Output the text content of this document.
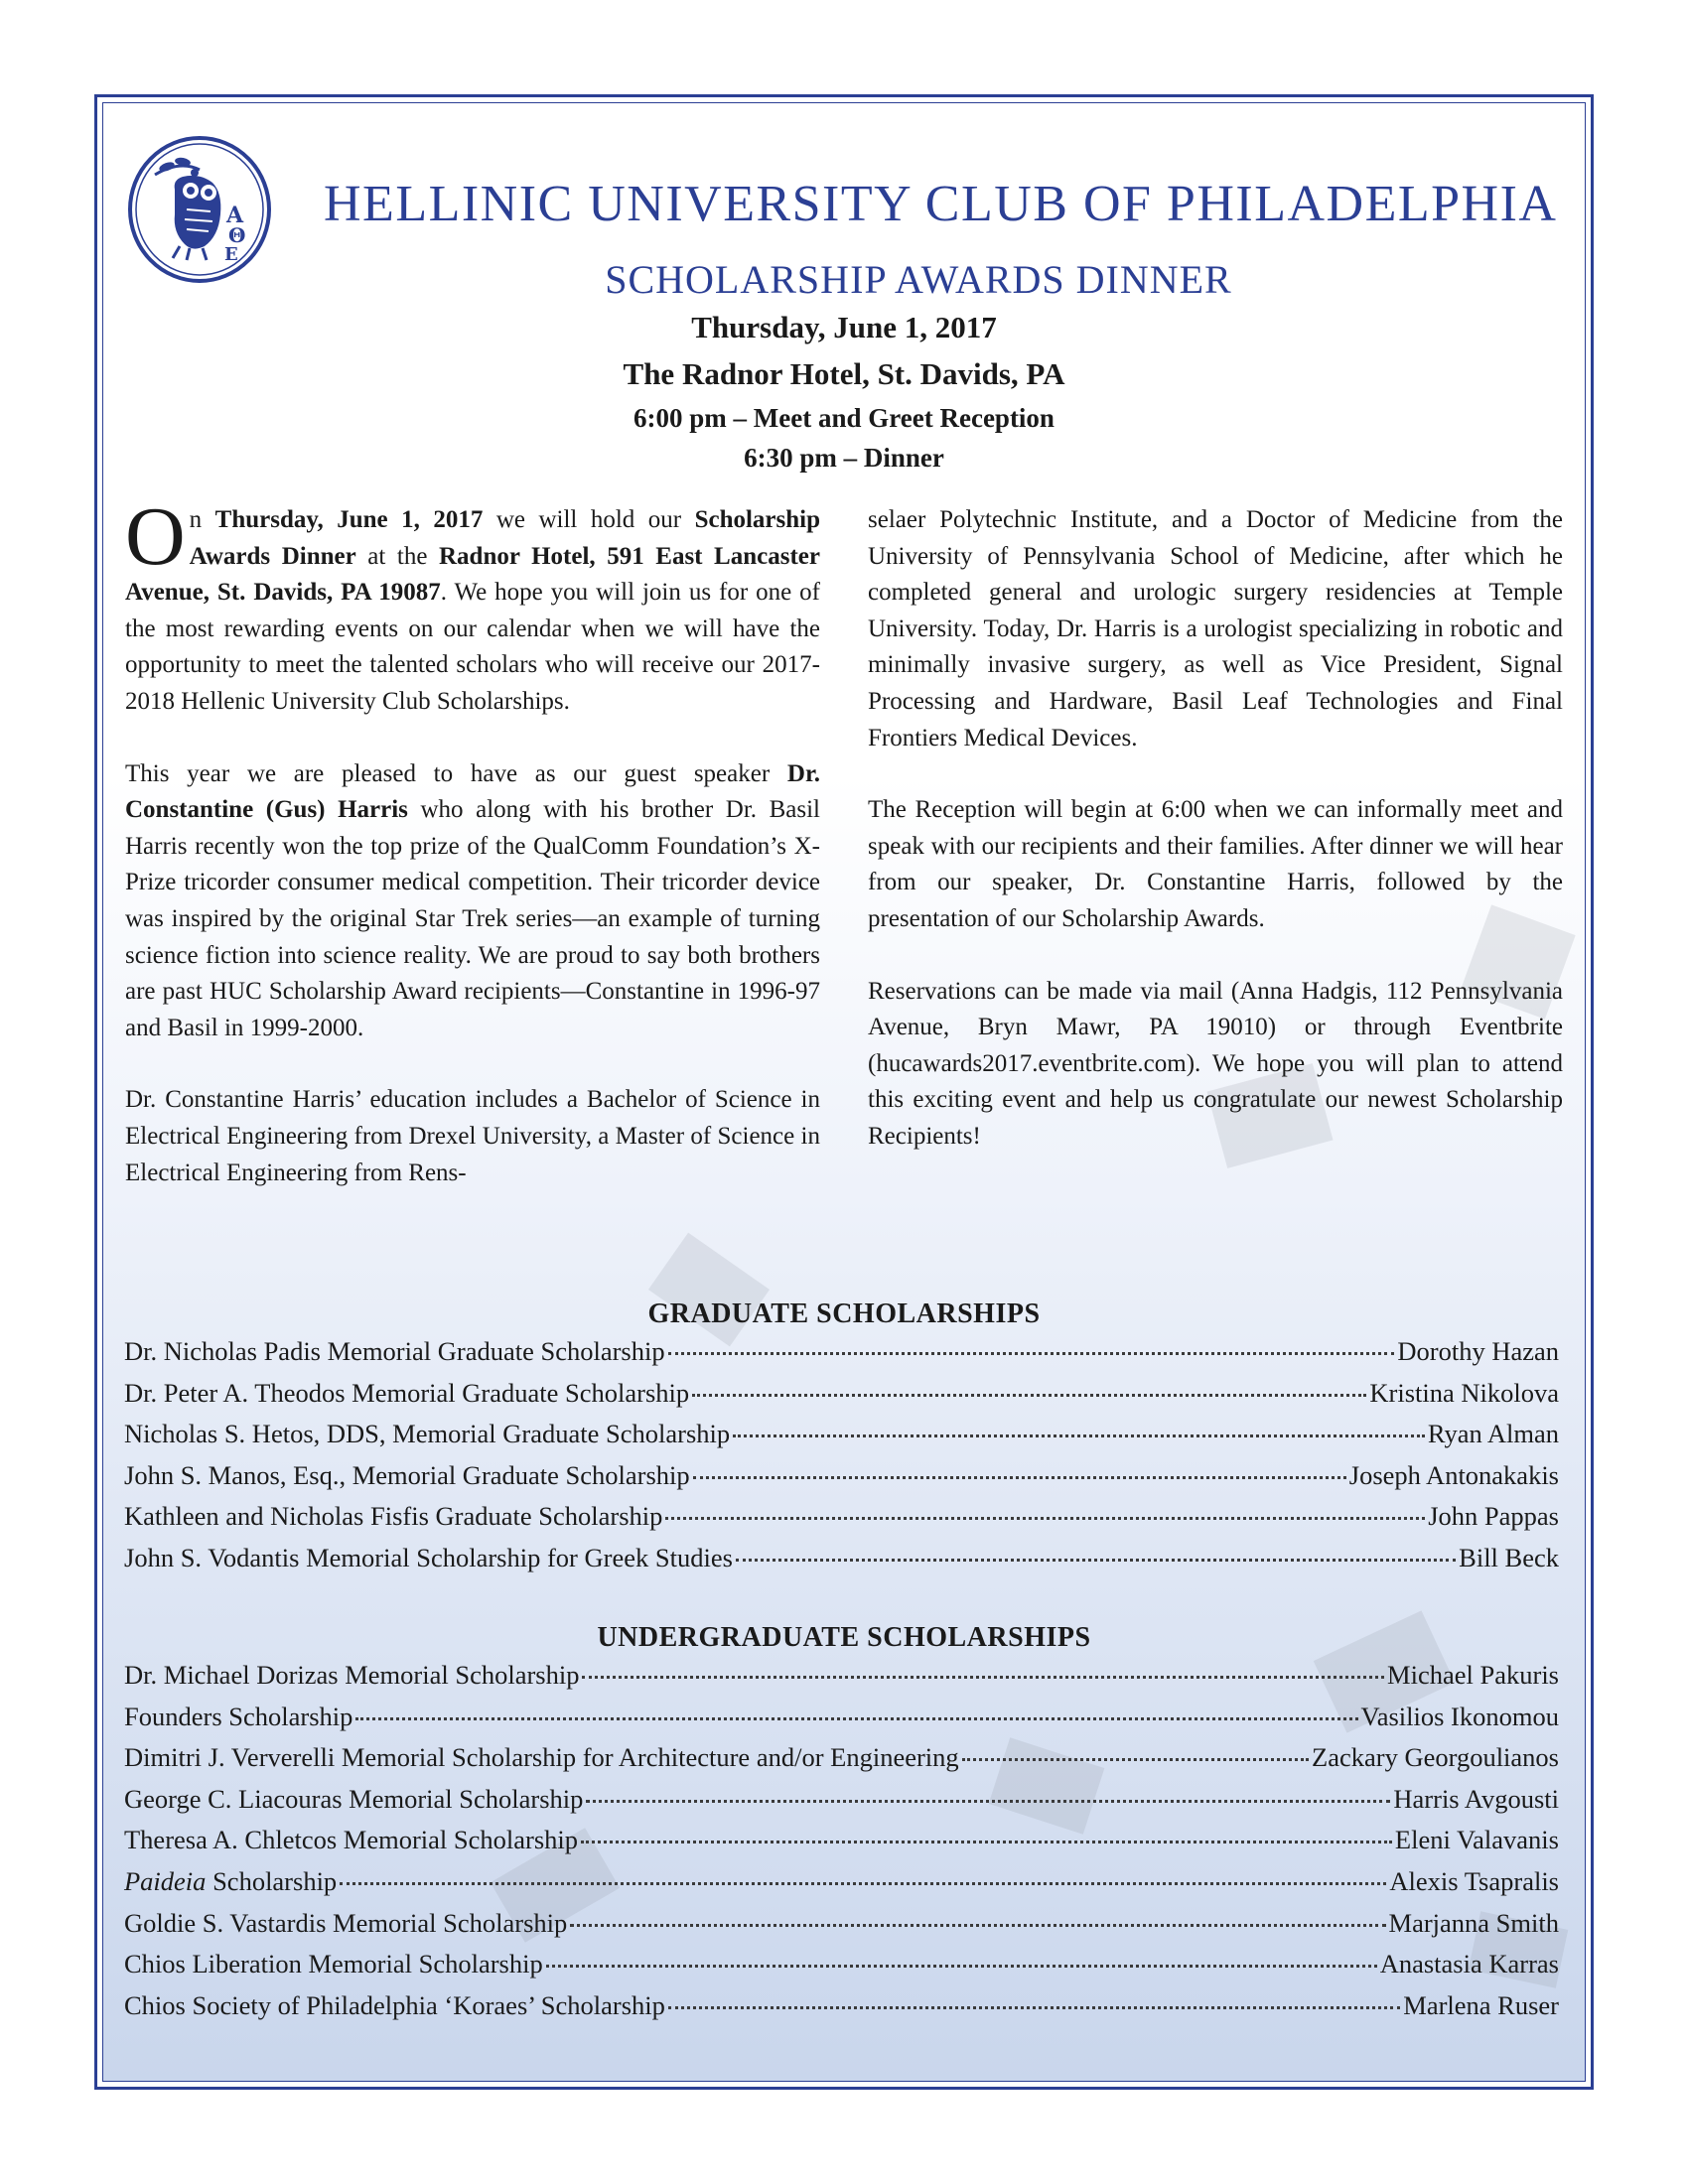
Α
Θ
Ε
HELLINIC UNIVERSITY CLUB OF PHILADELPHIA
SCHOLARSHIP AWARDS DINNER
Thursday, June 1, 2017
The Radnor Hotel, St. Davids, PA
6:00 pm – Meet and Greet Reception
6:30 pm – Dinner

On Thursday, June 1, 2017 we will hold our Scholarship Awards Dinner at the Radnor Hotel, 591 East Lancaster Avenue, St. Davids, PA 19087. We hope you will join us for one of the most rewarding events on our calendar when we will have the opportunity to meet the talented scholars who will receive our 2017-2018 Hellenic University Club Scholarships.

This year we are pleased to have as our guest speaker Dr. Constantine (Gus) Harris who along with his brother Dr. Basil Harris recently won the top prize of the QualComm Foundation’s X-Prize tricorder consumer medical competition. Their tricorder device was inspired by the original Star Trek series—an example of turning science fiction into science reality. We are proud to say both brothers are past HUC Scholarship Award recipients—Constantine in 1996-97 and Basil in 1999-2000.

Dr. Constantine Harris’ education includes a Bachelor of Science in Electrical Engineering from Drexel University, a Master of Science in Electrical Engineering from Rens-

selaer Polytechnic Institute, and a Doctor of Medicine from the University of Pennsylvania School of Medicine, after which he completed general and urologic surgery residencies at Temple University. Today, Dr. Harris is a urologist specializing in robotic and minimally invasive surgery, as well as Vice President, Signal Processing and Hardware, Basil Leaf Technologies and Final Frontiers Medical Devices.

The Reception will begin at 6:00 when we can informally meet and speak with our recipients and their families. After dinner we will hear from our speaker, Dr. Constantine Harris, followed by the presentation of our Scholarship Awards.

Reservations can be made via mail (Anna Hadgis, 112 Pennsylvania Avenue, Bryn Mawr, PA 19010) or through Eventbrite (hucawards2017.eventbrite.com). We hope you will plan to attend this exciting event and help us congratulate our newest Scholarship Recipients!

GRADUATE SCHOLARSHIPS
Dr. Nicholas Padis Memorial Graduate Scholarship	Dorothy Hazan
Dr. Peter A. Theodos Memorial Graduate Scholarship	Kristina Nikolova
Nicholas S. Hetos, DDS, Memorial Graduate Scholarship	Ryan Alman
John S. Manos, Esq., Memorial Graduate Scholarship	Joseph Antonakakis
Kathleen and Nicholas Fisfis Graduate Scholarship	John Pappas
John S. Vodantis Memorial Scholarship for Greek Studies	Bill Beck
UNDERGRADUATE SCHOLARSHIPS
Dr. Michael Dorizas Memorial Scholarship	Michael Pakuris
Founders Scholarship	Vasilios Ikonomou
Dimitri J. Ververelli Memorial Scholarship for Architecture and/or Engineering	Zackary Georgoulianos
George C. Liacouras Memorial Scholarship	Harris Avgousti
Theresa A. Chletcos Memorial Scholarship	Eleni Valavanis
Paideia Scholarship	Alexis Tsapralis
Goldie S. Vastardis Memorial Scholarship	Marjanna Smith
Chios Liberation Memorial Scholarship	Anastasia Karras
Chios Society of Philadelphia ‘Koraes’ Scholarship	Marlena Ruser
